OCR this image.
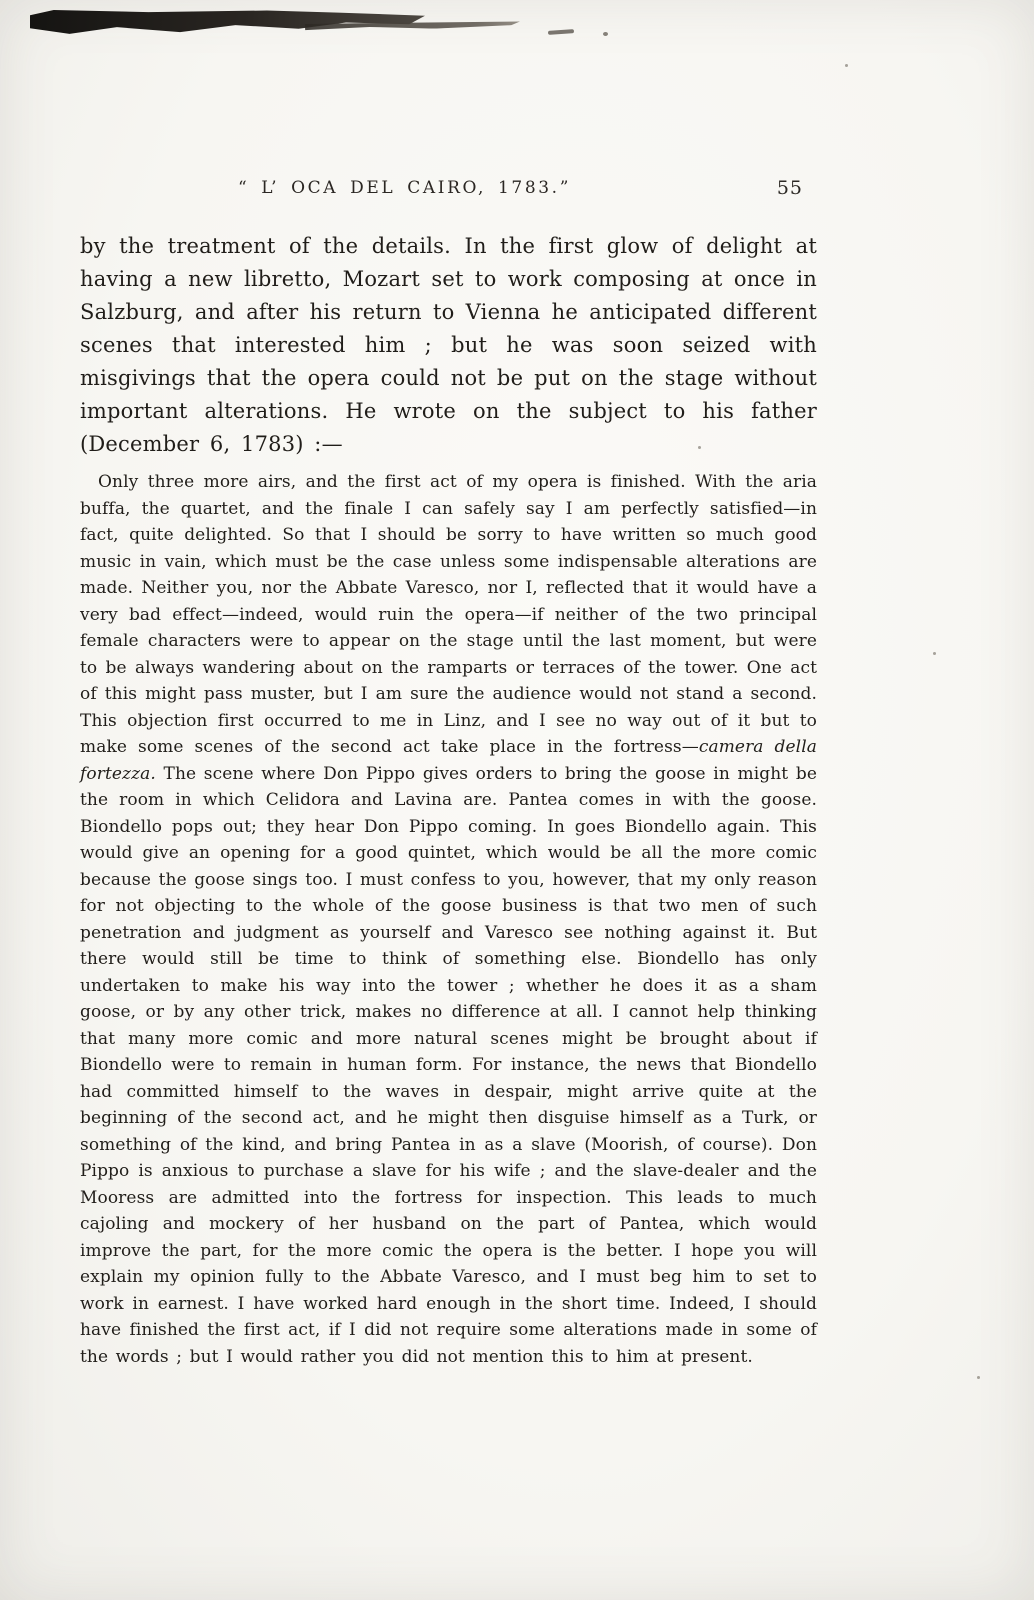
“ L’ OCA DEL CAIRO, 1783.”	55

by the treatment of the details. In the first glow of delight at having a new libretto, Mozart set to work composing at once in Salzburg, and after his return to Vienna he anticipated different scenes that interested him ; but he was soon seized with misgivings that the opera could not be put on the stage without important alterations. He wrote on the subject to his father (December 6, 1783) :—

Only three more airs, and the first act of my opera is finished. With the aria buffa, the quartet, and the finale I can safely say I am perfectly satisfied—in fact, quite delighted. So that I should be sorry to have written so much good music in vain, which must be the case unless some indispensable alterations are made. Neither you, nor the Abbate Varesco, nor I, reflected that it would have a very bad effect—indeed, would ruin the opera—if neither of the two principal female characters were to appear on the stage until the last moment, but were to be always wandering about on the ramparts or terraces of the tower. One act of this might pass muster, but I am sure the audience would not stand a second. This objection first occurred to me in Linz, and I see no way out of it but to make some scenes of the second act take place in the fortress—camera della fortezza. The scene where Don Pippo gives orders to bring the goose in might be the room in which Celidora and Lavina are. Pantea comes in with the goose. Biondello pops out; they hear Don Pippo coming. In goes Biondello again. This would give an opening for a good quintet, which would be all the more comic because the goose sings too. I must confess to you, however, that my only reason for not objecting to the whole of the goose business is that two men of such penetration and judgment as yourself and Varesco see nothing against it. But there would still be time to think of something else. Biondello has only undertaken to make his way into the tower ; whether he does it as a sham goose, or by any other trick, makes no difference at all. I cannot help thinking that many more comic and more natural scenes might be brought about if Biondello were to remain in human form. For instance, the news that Biondello had committed himself to the waves in despair, might arrive quite at the beginning of the second act, and he might then disguise himself as a Turk, or something of the kind, and bring Pantea in as a slave (Moorish, of course). Don Pippo is anxious to purchase a slave for his wife ; and the slave-dealer and the Mooress are admitted into the fortress for inspection. This leads to much cajoling and mockery of her husband on the part of Pantea, which would improve the part, for the more comic the opera is the better. I hope you will explain my opinion fully to the Abbate Varesco, and I must beg him to set to work in earnest. I have worked hard enough in the short time. Indeed, I should have finished the first act, if I did not require some alterations made in some of the words ; but I would rather you did not mention this to him at present.
